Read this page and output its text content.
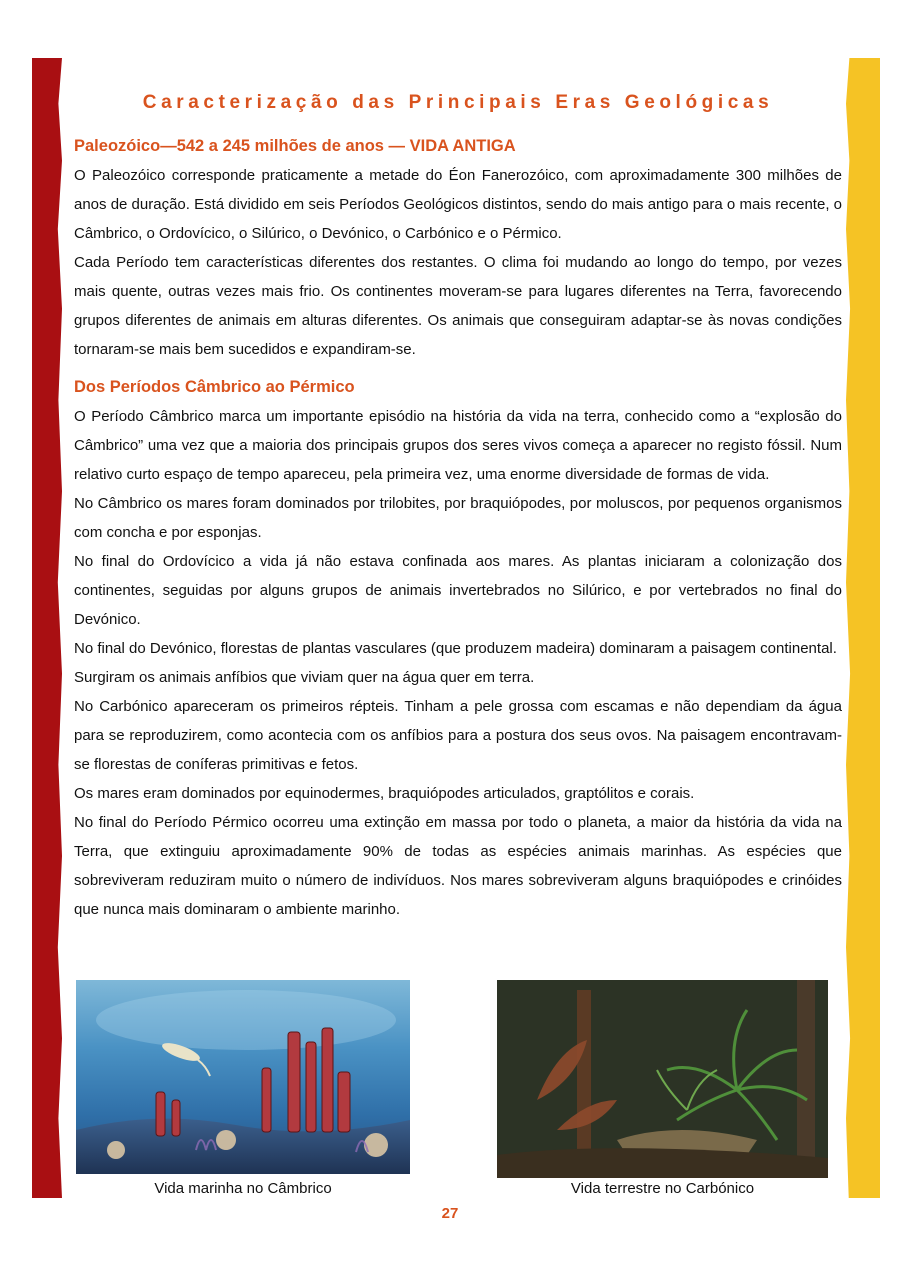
Caracterização das Principais Eras Geológicas
Paleozóico—542 a 245 milhões de anos — VIDA ANTIGA

O Paleozóico corresponde praticamente a metade do Éon Fanerozóico, com aproximadamente 300 milhões de anos de duração. Está dividido em seis Períodos Geológicos distintos, sendo do mais antigo para o mais recente, o Câmbrico, o Ordovícico, o Silúrico, o Devónico, o Carbónico e o Pérmico.

Cada Período tem características diferentes dos restantes. O clima foi mudando ao longo do tempo, por vezes mais quente, outras vezes mais frio. Os continentes moveram-se para lugares diferentes na Terra, favorecendo grupos diferentes de animais em alturas diferentes. Os animais que conseguiram adaptar-se às novas condições tornaram-se mais bem sucedidos e expandiram-se.

Dos Períodos Câmbrico ao Pérmico

O Período Câmbrico marca um importante episódio na história da vida na terra, conhecido como a “explosão do Câmbrico” uma vez que a maioria dos principais grupos dos seres vivos começa a aparecer no registo fóssil. Num relativo curto espaço de tempo apareceu, pela primeira vez, uma enorme diversidade de formas de vida.

No Câmbrico os mares foram dominados por trilobites, por braquiópodes, por moluscos, por pequenos organismos com concha e por esponjas.

No final do Ordovícico a vida já não estava confinada aos mares. As plantas iniciaram a colonização dos continentes, seguidas por alguns grupos de animais invertebrados no Silúrico, e por vertebrados no final do Devónico.

No final do Devónico, florestas de plantas vasculares (que produzem madeira) dominaram a paisagem continental.

Surgiram os animais anfíbios que viviam quer na água quer em terra.

No Carbónico apareceram os primeiros répteis. Tinham a pele grossa com escamas e não dependiam da água para se reproduzirem, como acontecia com os anfíbios para a postura dos seus ovos. Na paisagem encontravam-se florestas de coníferas primitivas e fetos.

Os mares eram dominados por equinodermes, braquiópodes articulados, graptólitos e corais.

No final do Período Pérmico ocorreu uma extinção em massa por todo o planeta, a maior da história da vida na Terra, que extinguiu aproximadamente 90% de todas as espécies animais marinhas. As espécies que sobreviveram reduziram muito o número de indivíduos. Nos mares sobreviveram alguns braquiópodes e crinóides que nunca mais dominaram o ambiente marinho.

Vida marinha no Câmbrico	Vida terrestre no Carbónico
27
